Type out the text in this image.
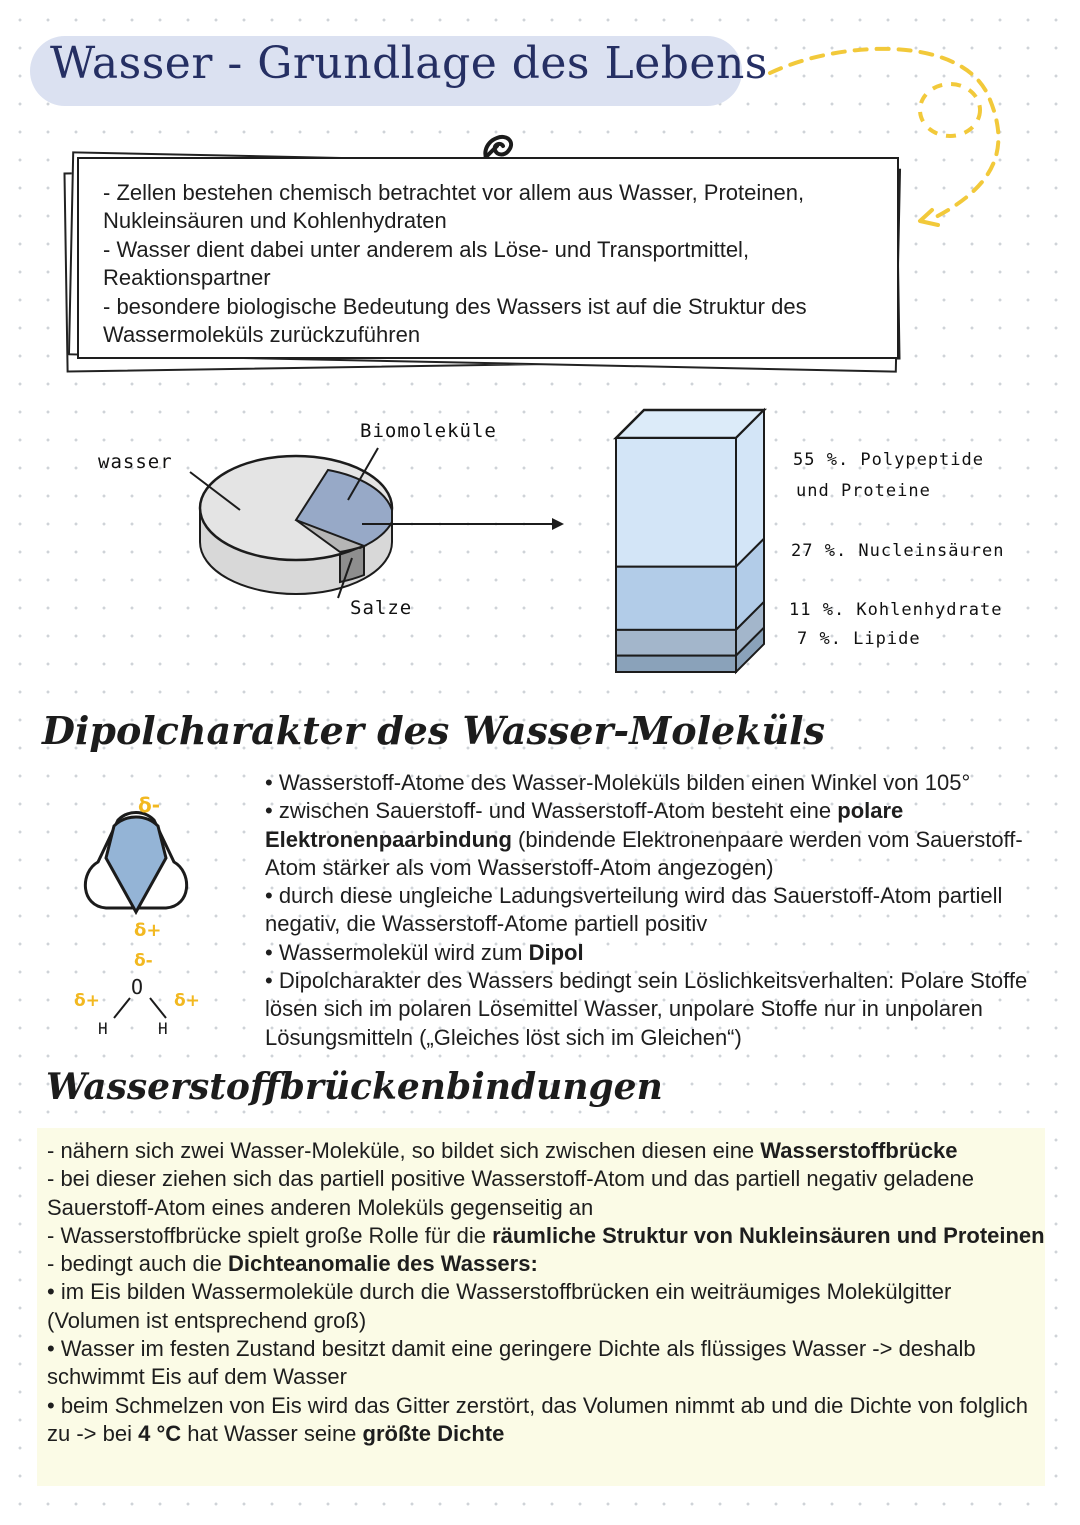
Wasser - Grundlage des Lebens

- Zellen bestehen chemisch betrachtet vor allem aus Wasser, Proteinen,

Nukleinsäuren und Kohlenhydraten

- Wasser dient dabei unter anderem als Löse- und Transportmittel,

Reaktionspartner

- besondere biologische Bedeutung des Wassers ist auf die Struktur des

Wassermoleküls zurückzuführen

wasser
Biomoleküle
Salze
55 %. Polypeptide
und Proteine
27 %. Nucleinsäuren
11 %. Kohlenhydrate
7 %. Lipide
Dipolcharakter des Wasser-Moleküls
δ-
δ+
δ-
O
H	H
δ+	δ+

• Wasserstoff-Atome des Wasser-Moleküls bilden einen Winkel von 105°

• zwischen Sauerstoff- und Wasserstoff-Atom besteht eine polare Elektronenpaarbindung (bindende Elektronenpaare werden vom Sauerstoff-Atom stärker als vom Wasserstoff-Atom angezogen)

• durch diese ungleiche Ladungsverteilung wird das Sauerstoff-Atom partiell negativ, die Wasserstoff-Atome partiell positiv

• Wassermolekül wird zum Dipol

• Dipolcharakter des Wassers bedingt sein Löslichkeitsverhalten: Polare Stoffe lösen sich im polaren Lösemittel Wasser, unpolare Stoffe nur in unpolaren Lösungsmitteln („Gleiches löst sich im Gleichen“)

Wasserstoffbrückenbindungen

- nähern sich zwei Wasser-Moleküle, so bildet sich zwischen diesen eine Wasserstoffbrücke

- bei dieser ziehen sich das partiell positive Wasserstoff-Atom und das partiell negativ geladene Sauerstoff-Atom eines anderen Moleküls gegenseitig an

- Wasserstoffbrücke spielt große Rolle für die räumliche Struktur von Nukleinsäuren und Proteinen

- bedingt auch die Dichteanomalie des Wassers:

• im Eis bilden Wassermoleküle durch die Wasserstoffbrücken ein weiträumiges Molekülgitter (Volumen ist entsprechend groß)

• Wasser im festen Zustand besitzt damit eine geringere Dichte als flüssiges Wasser -> deshalb schwimmt Eis auf dem Wasser

• beim Schmelzen von Eis wird das Gitter zerstört, das Volumen nimmt ab und die Dichte von folglich zu -> bei 4 °C hat Wasser seine größte Dichte
